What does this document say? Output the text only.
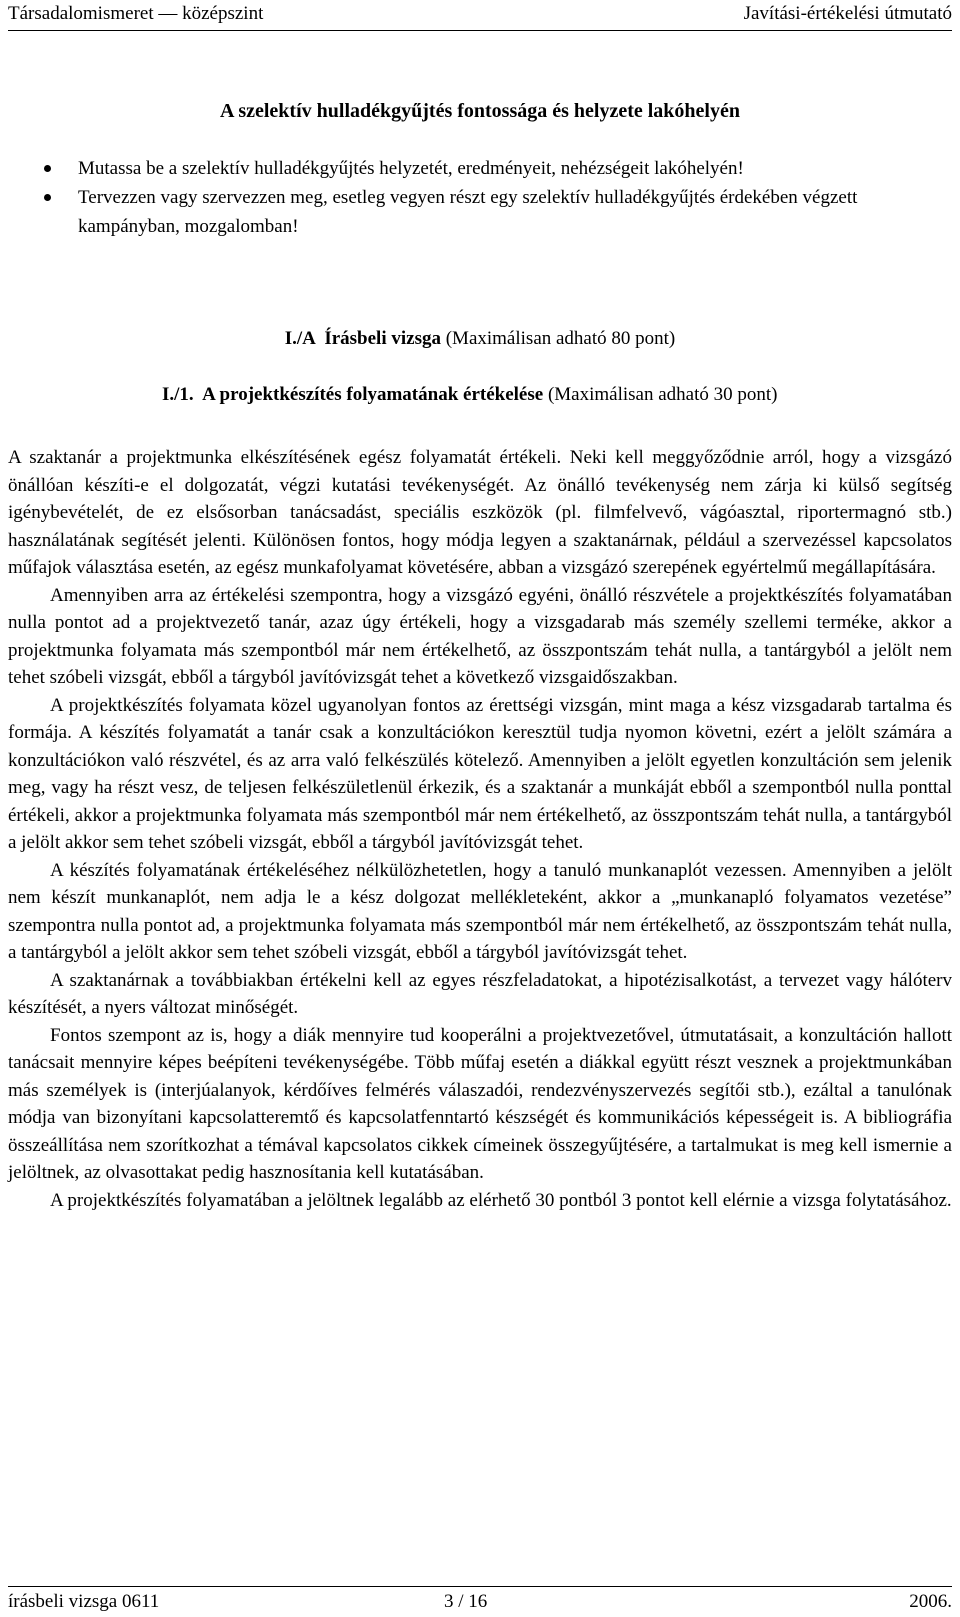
Társadalomismeret — középszint	Javítási-értékelési útmutató
A szelektív hulladékgyűjtés fontossága és helyzete lakóhelyén
Mutassa be a szelektív hulladékgyűjtés helyzetét, eredményeit, nehézségeit lakóhelyén!
Tervezzen vagy szervezzen meg, esetleg vegyen részt egy szelektív hulladékgyűjtés érdekében végzett kampányban, mozgalomban!
I./A  Írásbeli vizsga (Maximálisan adható 80 pont)
I./1.  A projektkészítés folyamatának értékelése (Maximálisan adható 30 pont)

A szaktanár a projektmunka elkészítésének egész folyamatát értékeli. Neki kell meggyőződnie arról, hogy a vizsgázó önállóan készíti-e el dolgozatát, végzi kutatási tevékenységét. Az önálló tevékenység nem zárja ki külső segítség igénybevételét, de ez elsősorban tanácsadást, speciális eszközök (pl. filmfelvevő, vágóasztal, riportermagnó stb.) használatának segítését jelenti. Különösen fontos, hogy módja legyen a szaktanárnak, például a szervezéssel kapcsolatos műfajok választása esetén, az egész munkafolyamat követésére, abban a vizsgázó szerepének egyértelmű megállapítására.

Amennyiben arra az értékelési szempontra, hogy a vizsgázó egyéni, önálló részvétele a projektkészítés folyamatában nulla pontot ad a projektvezető tanár, azaz úgy értékeli, hogy a vizsgadarab más személy szellemi terméke, akkor a projektmunka folyamata más szempontból már nem értékelhető, az összpontszám tehát nulla, a tantárgyból a jelölt nem tehet szóbeli vizsgát, ebből a tárgyból javítóvizsgát tehet a következő vizsgaidőszakban.

A projektkészítés folyamata közel ugyanolyan fontos az érettségi vizsgán, mint maga a kész vizsgadarab tartalma és formája. A készítés folyamatát a tanár csak a konzultációkon keresztül tudja nyomon követni, ezért a jelölt számára a konzultációkon való részvétel, és az arra való felkészülés kötelező. Amennyiben a jelölt egyetlen konzultáción sem jelenik meg, vagy ha részt vesz, de teljesen felkészületlenül érkezik, és a szaktanár a munkáját ebből a szempontból nulla ponttal értékeli, akkor a projektmunka folyamata más szempontból már nem értékelhető, az összpontszám tehát nulla, a tantárgyból a jelölt akkor sem tehet szóbeli vizsgát, ebből a tárgyból javítóvizsgát tehet.

A készítés folyamatának értékeléséhez nélkülözhetetlen, hogy a tanuló munkanaplót vezessen. Amennyiben a jelölt nem készít munkanaplót, nem adja le a kész dolgozat mellékleteként, akkor a „munkanapló folyamatos vezetése” szempontra nulla pontot ad, a projektmunka folyamata más szempontból már nem értékelhető, az összpontszám tehát nulla, a tantárgyból a jelölt akkor sem tehet szóbeli vizsgát, ebből a tárgyból javítóvizsgát tehet.

A szaktanárnak a továbbiakban értékelni kell az egyes részfeladatokat, a hipotézisalkotást, a tervezet vagy hálóterv készítését, a nyers változat minőségét.

Fontos szempont az is, hogy a diák mennyire tud kooperálni a projektvezetővel, útmutatásait, a konzultáción hallott tanácsait mennyire képes beépíteni tevékenységébe. Több műfaj esetén a diákkal együtt részt vesznek a projektmunkában más személyek is (interjúalanyok, kérdőíves felmérés válaszadói, rendezvényszervezés segítői stb.), ezáltal a tanulónak módja van bizonyítani kapcsolatteremtő és kapcsolatfenntartó készségét és kommunikációs képességeit is. A bibliográfia összeállítása nem szorítkozhat a témával kapcsolatos cikkek címeinek összegyűjtésére, a tartalmukat is meg kell ismernie a jelöltnek, az olvasottakat pedig hasznosítania kell kutatásában.

A projektkészítés folyamatában a jelöltnek legalább az elérhető 30 pontból 3 pontot kell elérnie a vizsga folytatásához.

írásbeli vizsga 0611	3 / 16	2006.
